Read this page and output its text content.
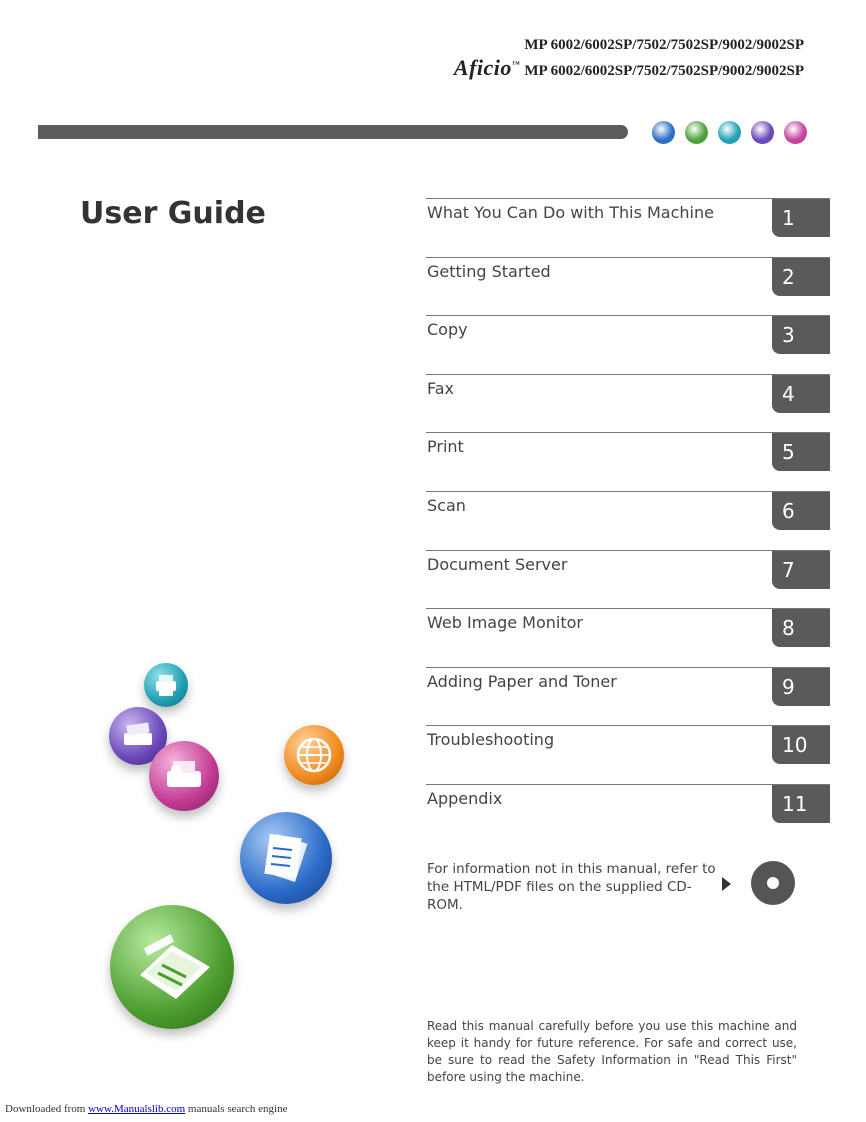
MP 6002/6002SP/7502/7502SP/9002/9002SP
Aficio™ MP 6002/6002SP/7502/7502SP/9002/9002SP
User Guide	What You Can Do with This Machine	1
Getting Started	2
Copy	3
Fax	4
Print	5
Scan	6
Document Server	7
Web Image Monitor	8
Adding Paper and Toner	9
Troubleshooting	10
Appendix	11
For information not in this manual, refer to the HTML/PDF files on the supplied CD-ROM.
Read this manual carefully before you use this machine and keep it handy for future reference. For safe and correct use, be sure to read the Safety Information in "Read This First" before using the machine.
Downloaded from www.Manualslib.com manuals search engine
